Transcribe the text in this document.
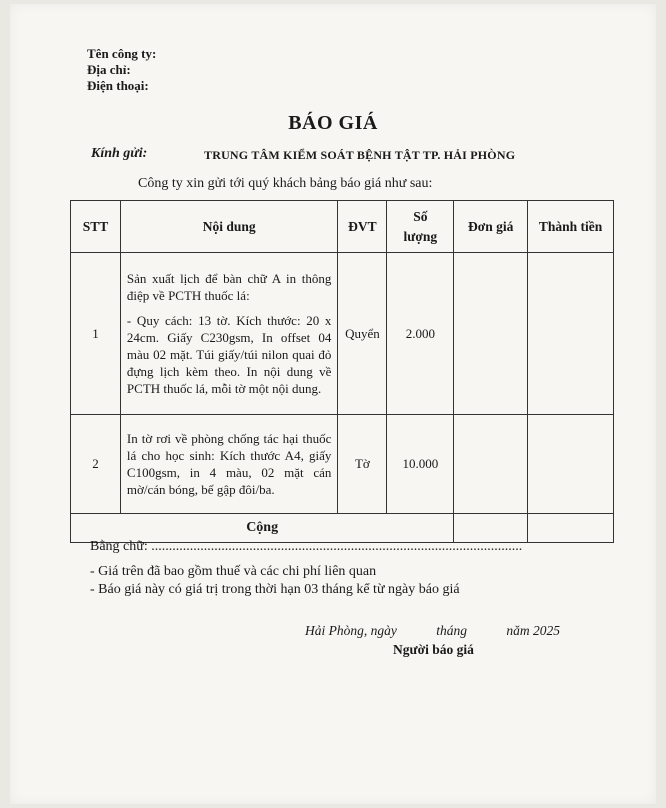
Tên công ty:
Địa chỉ:
Điện thoại:
BÁO GIÁ
Kính gửi:	TRUNG TÂM KIỂM SOÁT BỆNH TẬT TP. HẢI PHÒNG
Công ty xin gửi tới quý khách bảng báo giá như sau:
STT	Nội dung	ĐVT	Số lượng	Đơn giá	Thành tiền
1	Sản xuất lịch để bàn chữ A in thông điệp về PCTH thuốc lá:

- Quy cách: 13 tờ. Kích thước: 20 x 24cm. Giấy C230gsm, In offset 04 màu 02 mặt. Túi giấy/túi nilon quai đỏ đựng lịch kèm theo. In nội dung về PCTH thuốc lá, mỗi tờ một nội dung.	Quyển	2.000		
2	In tờ rơi về phòng chống tác hại thuốc lá cho học sinh: Kích thước A4, giấy C100gsm, in 4 màu, 02 mặt cán mờ/cán bóng, bế gập đôi/ba.	Tờ	10.000		
Cộng					
Bằng chữ: ..........................................................................................................
- Giá trên đã bao gồm thuế và các chi phí liên quan
- Báo giá này có giá trị trong thời hạn 03 tháng kể từ ngày báo giá
Hải Phòng, ngày	tháng	năm 2025
Người báo giá
